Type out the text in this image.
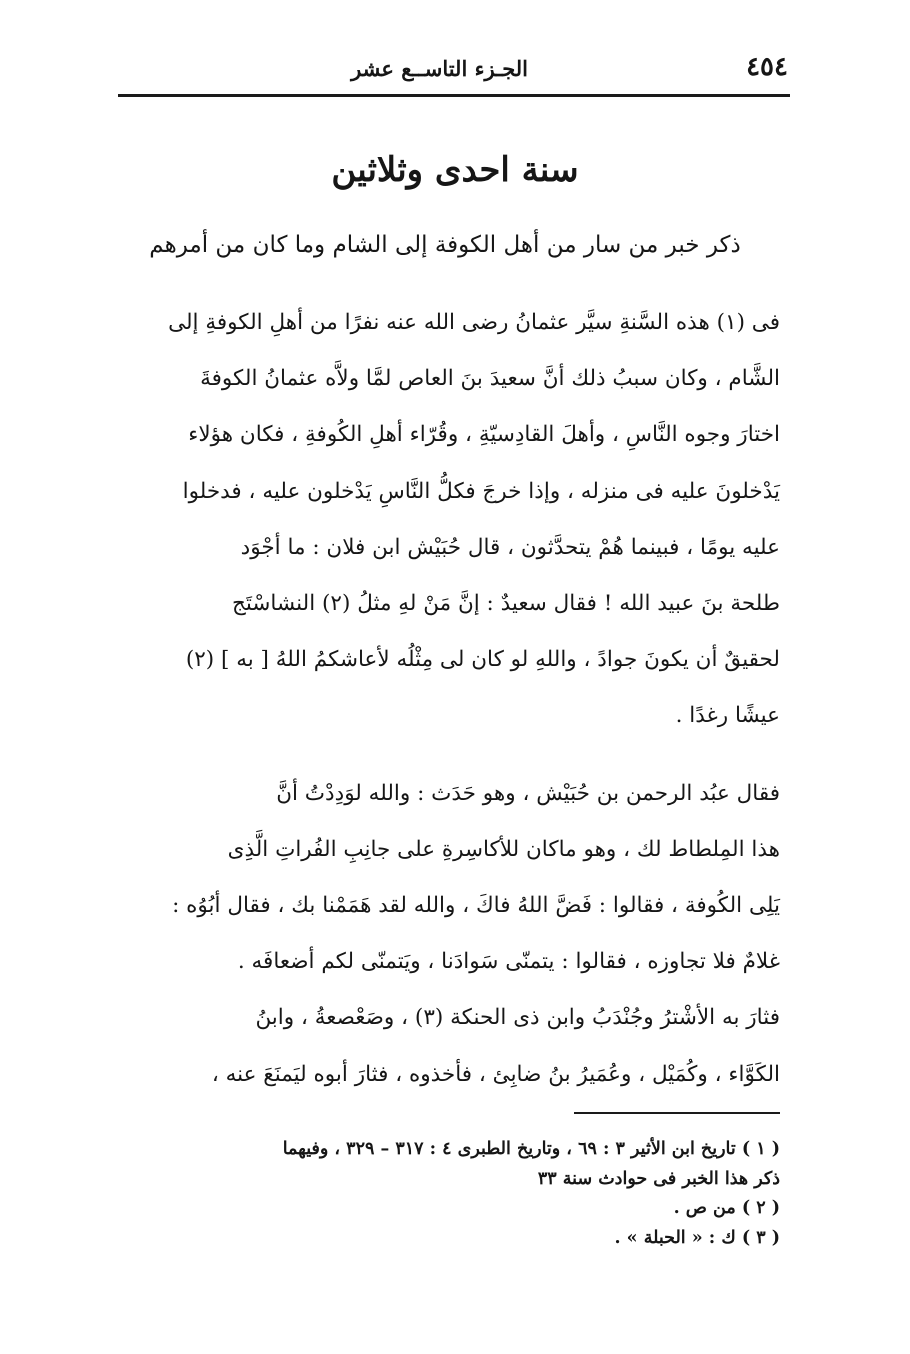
٤٥٤
الجـزء التاســع عشر
سنة احدى وثلاثين
ذكر خبر من سار من أهل الكوفة إلى الشام وما كان من أمرهم

فى (١) هذه السَّنةِ سيَّر عثمانُ رضى الله عنه نفرًا من أهلِ الكوفةِ إلى

الشَّام ، وكان سببُ ذلك أنَّ سعيدَ بنَ العاص لمَّا ولاَّه عثمانُ الكوفةَ

اختارَ وجوه النَّاسِ ، وأهلَ القادِسيّةِ ، وقُرّاء أهلِ الكُوفةِ ، فكان هؤلاء

يَدْخلونَ عليه فى منزله ، وإذا خرجَ فكلُّ النَّاسِ يَدْخلون عليه ، فدخلوا

عليه يومًا ، فبينما هُمْ يتحدَّثون ، قال حُبَيْش ابن فلان : ما أجْوَد

طلحة بنَ عبيد الله ! فقال سعيدٌ : إنَّ مَنْ لهِ مثلُ (٢) النشاسْتَج

لحقيقٌ أن يكونَ جوادً ، واللهِ لو كان لى مِثْلُه لأعاشكمُ اللهُ [ به ] (٢)

عيشًا رغدًا .

فقال عبُد الرحمن بن حُبَيْش ، وهو حَدَث : والله لوَدِدْتُ أنَّ

هذا المِلطاط لك ، وهو ماكان للأكاسِرةِ على جانِبِ الفُراتِ الَّذِى

يَلِى الكُوفة ، فقالوا : فَضَّ اللهُ فاكَ ، والله لقد هَمَمْنا بك ، فقال أبُوُه :

غلامٌ فلا تجاوزه ، فقالوا : يتمنّى سَوادَنا ، ويَتمنّى لكم أضعافَه .

فثارَ به الأشْترُ وجُنْدَبُ وابن ذى الحنكة (٣) ، وصَعْصعةُ ، وابنُ

الكَوَّاء ، وكُمَيْل ، وعُمَيرُ بنُ ضابِئ ، فأخذوه ، فثارَ أبوه ليَمنَعَ عنه ،

( ١ ) تاريخ ابن الأثير ٣ : ٦٩ ، وتاريخ الطبرى ٤ : ٣١٧ – ٣٢٩ ، وفيهما

ذكر هذا الخبر فى حوادث سنة ٣٣

( ٢ ) من ص .

( ٣ ) ك : « الحبلة » .
